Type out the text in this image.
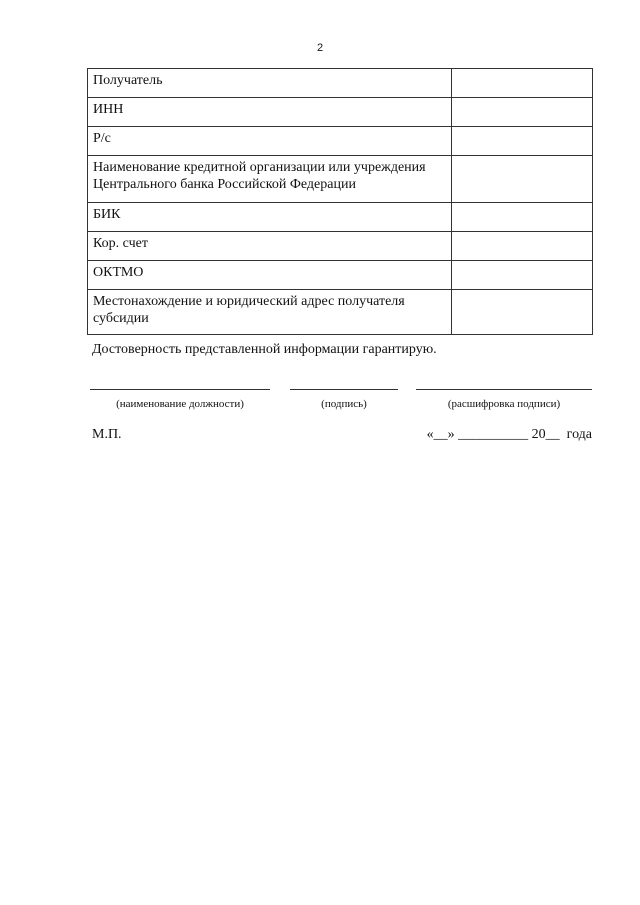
2
Получатель	
ИНН	
Р/с	
Наименование кредитной организации или учреждения Центрального банка Российской Федерации	
БИК	
Кор. счет	
ОКТМО	
Местонахождение и юридический адрес получателя субсидии	
Достоверность представленной информации гарантирую.
(наименование должности)	(подпись)	(расшифровка подписи)
М.П.	«__» __________ 20__  года
